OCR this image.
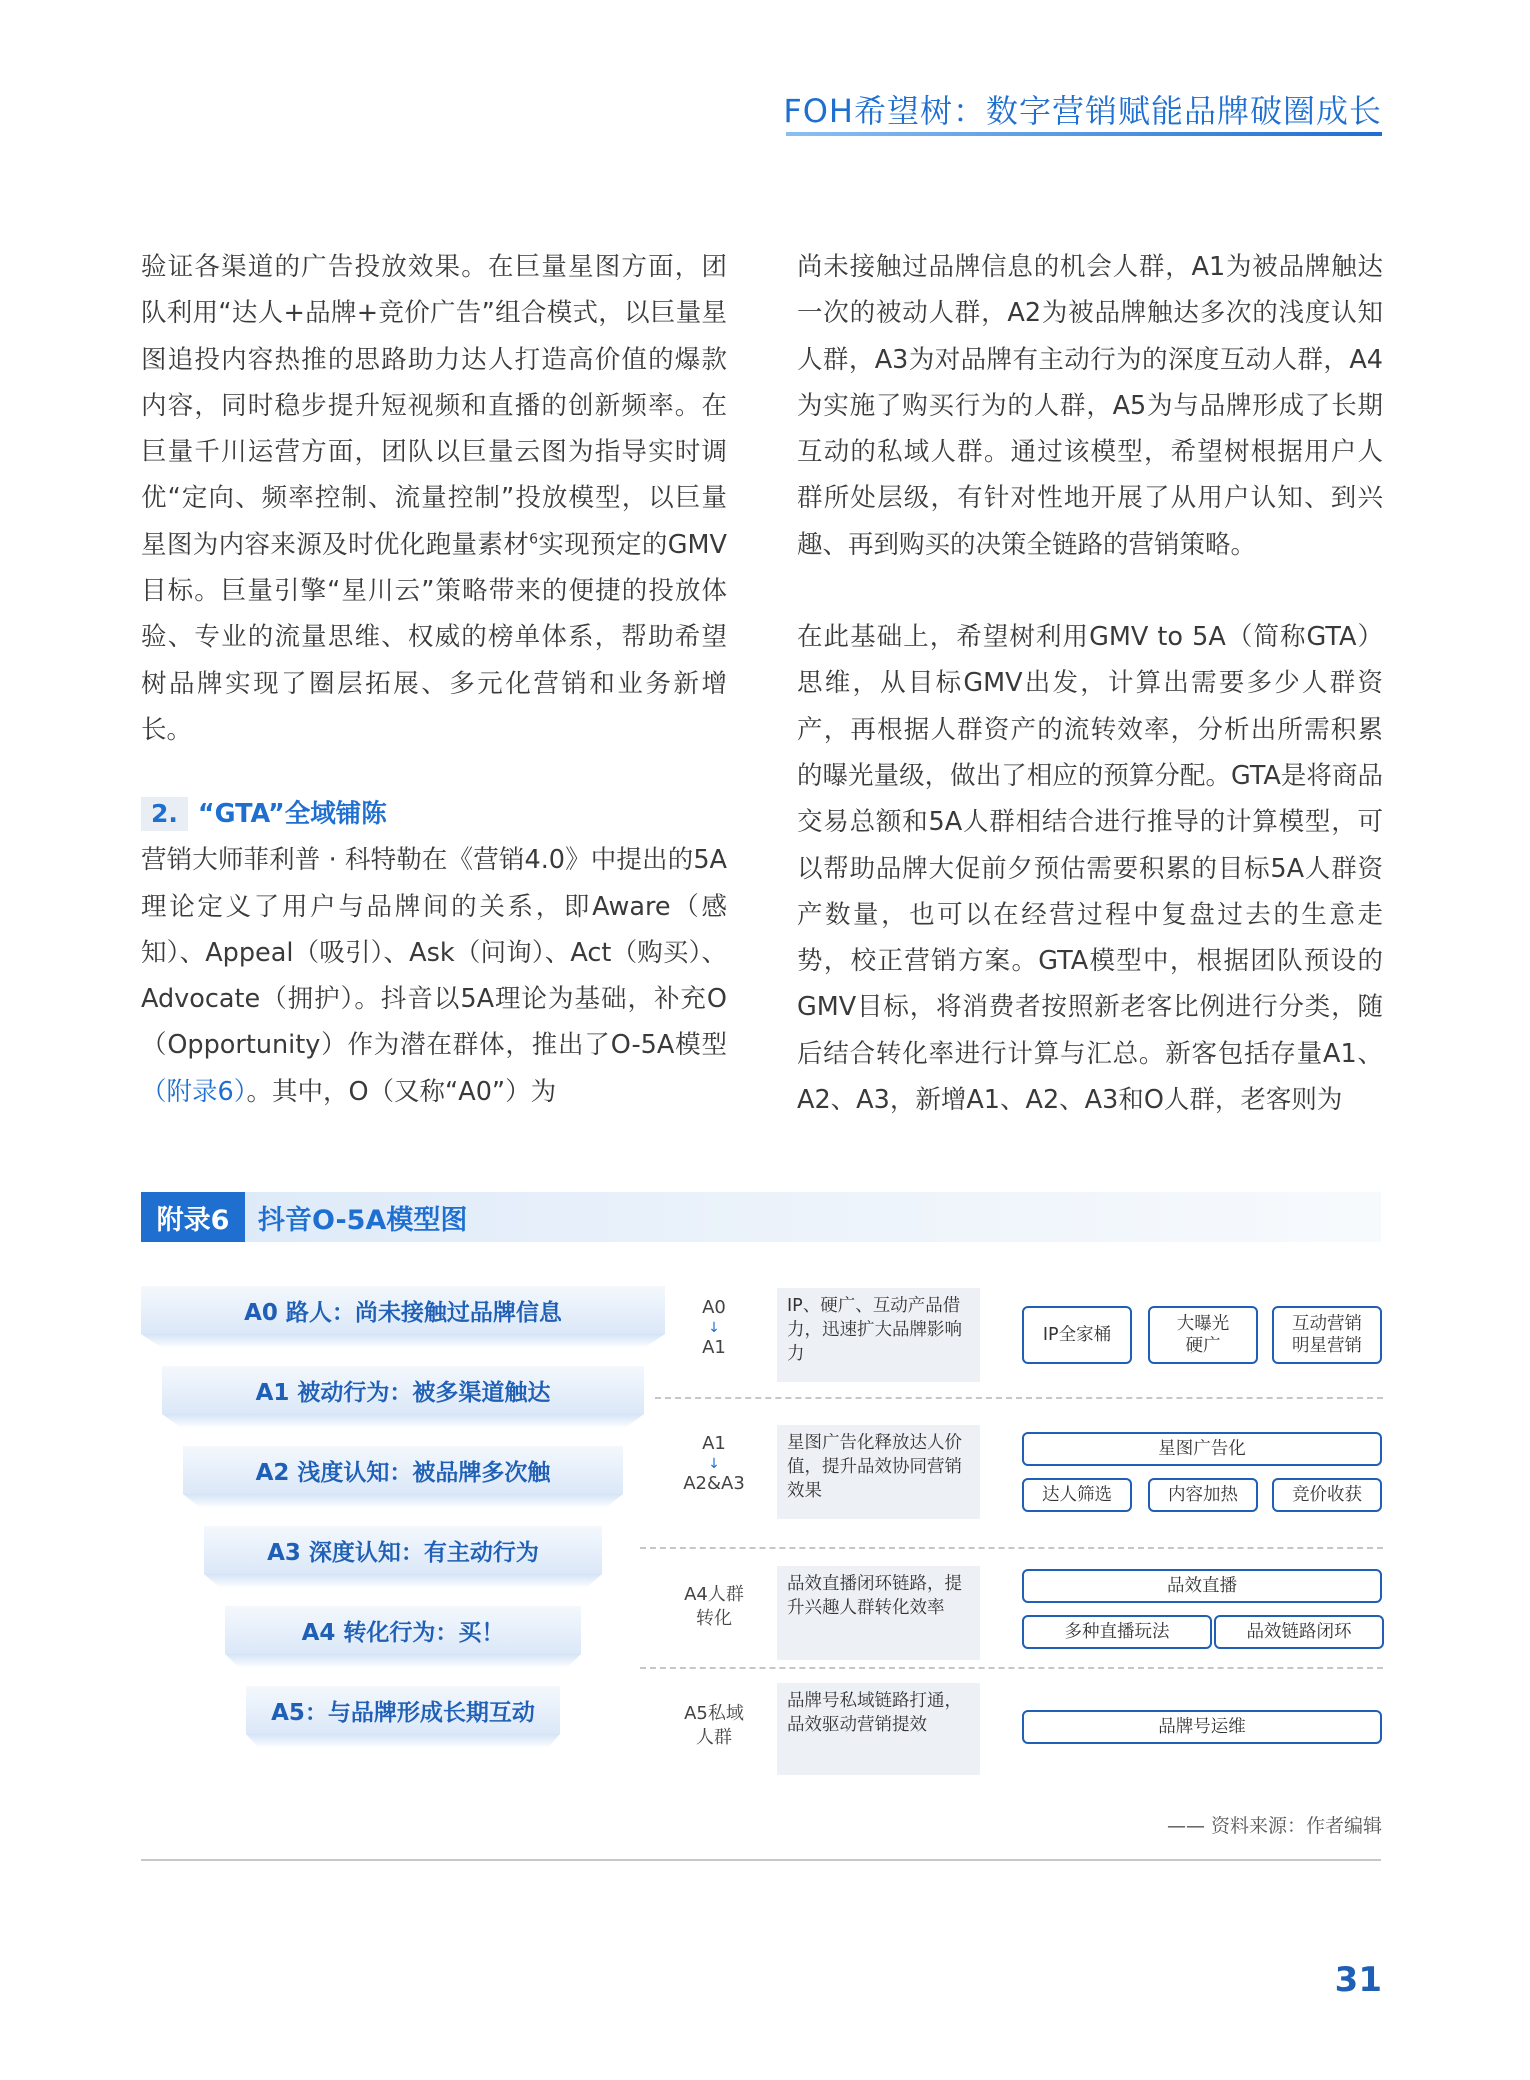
FOH希望树：数字营销赋能品牌破圈成长

验证各渠道的广告投放效果。在巨量星图方面，团队利用“达人+品牌+竞价广告”组合模式，以巨量星图追投内容热推的思路助力达人打造高价值的爆款内容，同时稳步提升短视频和直播的创新频率。在巨量千川运营方面，团队以巨量云图为指导实时调优“定向、频率控制、流量控制”投放模型，以巨量星图为内容来源及时优化跑量素材$^6$实现预定的GMV目标。巨量引擎“星川云”策略带来的便捷的投放体验、专业的流量思维、权威的榜单体系，帮助希望树品牌实现了圈层拓展、多元化营销和业务新增长。

2. “GTA”全域铺陈

营销大师菲利普 · 科特勒在《营销4.0》中提出的5A理论定义了用户与品牌间的关系，即Aware（感知）、Appeal（吸引）、Ask（问询）、Act（购买）、Advocate（拥护）。抖音以5A理论为基础，补充O（Opportunity）作为潜在群体，推出了O-5A模型（附录6）。其中，O（又称“A0”）为

尚未接触过品牌信息的机会人群，A1为被品牌触达一次的被动人群，A2为被品牌触达多次的浅度认知人群，A3为对品牌有主动行为的深度互动人群，A4为实施了购买行为的人群，A5为与品牌形成了长期互动的私域人群。通过该模型，希望树根据用户人群所处层级，有针对性地开展了从用户认知、到兴趣、再到购买的决策全链路的营销策略。

在此基础上，希望树利用GMV to 5A（简称GTA）思维，从目标GMV出发，计算出需要多少人群资产，再根据人群资产的流转效率，分析出所需积累的曝光量级，做出了相应的预算分配。GTA是将商品交易总额和5A人群相结合进行推导的计算模型，可以帮助品牌大促前夕预估需要积累的目标5A人群资产数量，也可以在经营过程中复盘过去的生意走势，校正营销方案。GTA模型中，根据团队预设的GMV目标，将消费者按照新老客比例进行分类，随后结合转化率进行计算与汇总。新客包括存量A1、A2、A3，新增A1、A2、A3和O人群，老客则为

附录6	抖音O-5A模型图
A0 路人：尚未接触过品牌信息
A1 被动行为：被多渠道触达
A2 浅度认知：被品牌多次触
A3 深度认知：有主动行为
A4 转化行为：买！
A5：与品牌形成长期互动
A0
↓
A1
IP、硬广、互动产品借力，迅速扩大品牌影响力
IP全家桶
大曝光
硬广
互动营销
明星营销
A1
↓
A2&A3
星图广告化释放达人价值，提升品效协同营销效果
星图广告化
达人筛选	内容加热	竞价收获
A4人群
转化
品效直播闭环链路，提升兴趣人群转化效率
品效直播
多种直播玩法	品效链路闭环
A5私域
人群
品牌号私域链路打通，品效驱动营销提效	品牌号运维
—— 资料来源：作者编辑
31
